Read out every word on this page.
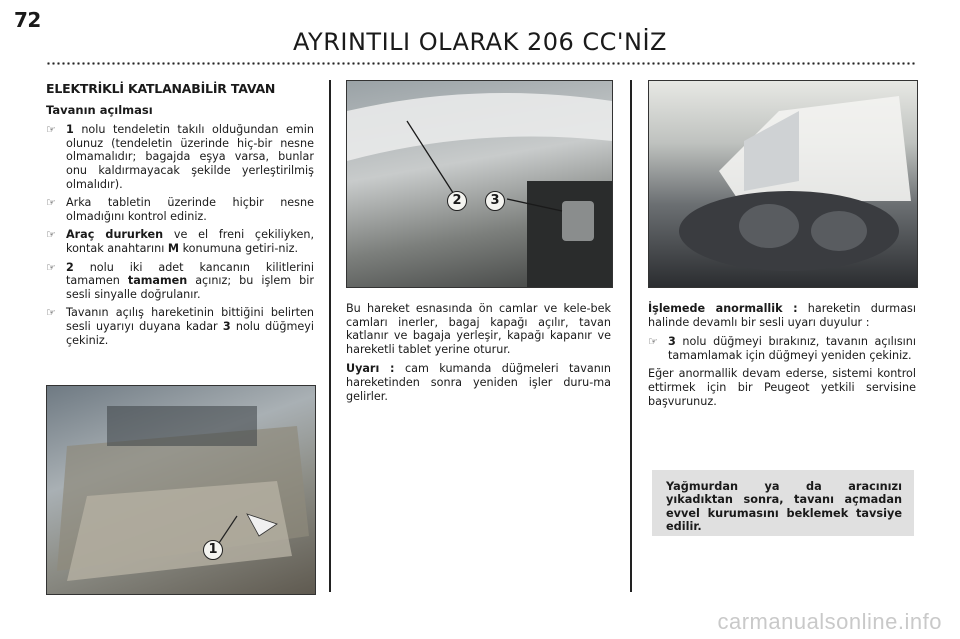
72
AYRINTILI OLARAK 206 CC'NİZ
ELEKTRİKLİ KATLANABİLİR TAVAN
Tavanın açılması
☞ 1 nolu tendeletin takılı olduğundan emin olunuz (tendeletin üzerinde hiç-bir nesne olmamalıdır; bagajda eşya varsa, bunlar onu kaldırmayacak şekilde yerleştirilmiş olmalıdır).
☞ Arka tabletin üzerinde hiçbir nesne olmadığını kontrol ediniz.
☞ Araç dururken ve el freni çekiliyken, kontak anahtarını M konumuna getiri-niz.
☞ 2 nolu iki adet kancanın kilitlerini tamamen tamamen açınız; bu işlem bir sesli sinyalle doğrulanır.
☞ Tavanın açılış hareketinin bittiğini belirten sesli uyarıyı duyana kadar 3 nolu düğmeyi çekiniz.
1
2	3

Bu hareket esnasında ön camlar ve kele-bek camları inerler, bagaj kapağı açılır, tavan katlanır ve bagaja yerleşir, kapağı kapanır ve hareketli tablet yerine oturur.

Uyarı : cam kumanda düğmeleri tavanın hareketinden sonra yeniden işler duru-ma gelirler.

İşlemede anormallik : hareketin durması halinde devamlı bir sesli uyarı duyulur :

☞ 3 nolu düğmeyi bırakınız, tavanın açılısını tamamlamak için düğmeyi yeniden çekiniz.

Eğer anormallik devam ederse, sistemi kontrol ettirmek için bir Peugeot yetkili servisine başvurunuz.

Yağmurdan ya da aracınızı yıkadıktan sonra, tavanı açmadan evvel kurumasını beklemek tavsiye edilir.
carmanualsonline.info
